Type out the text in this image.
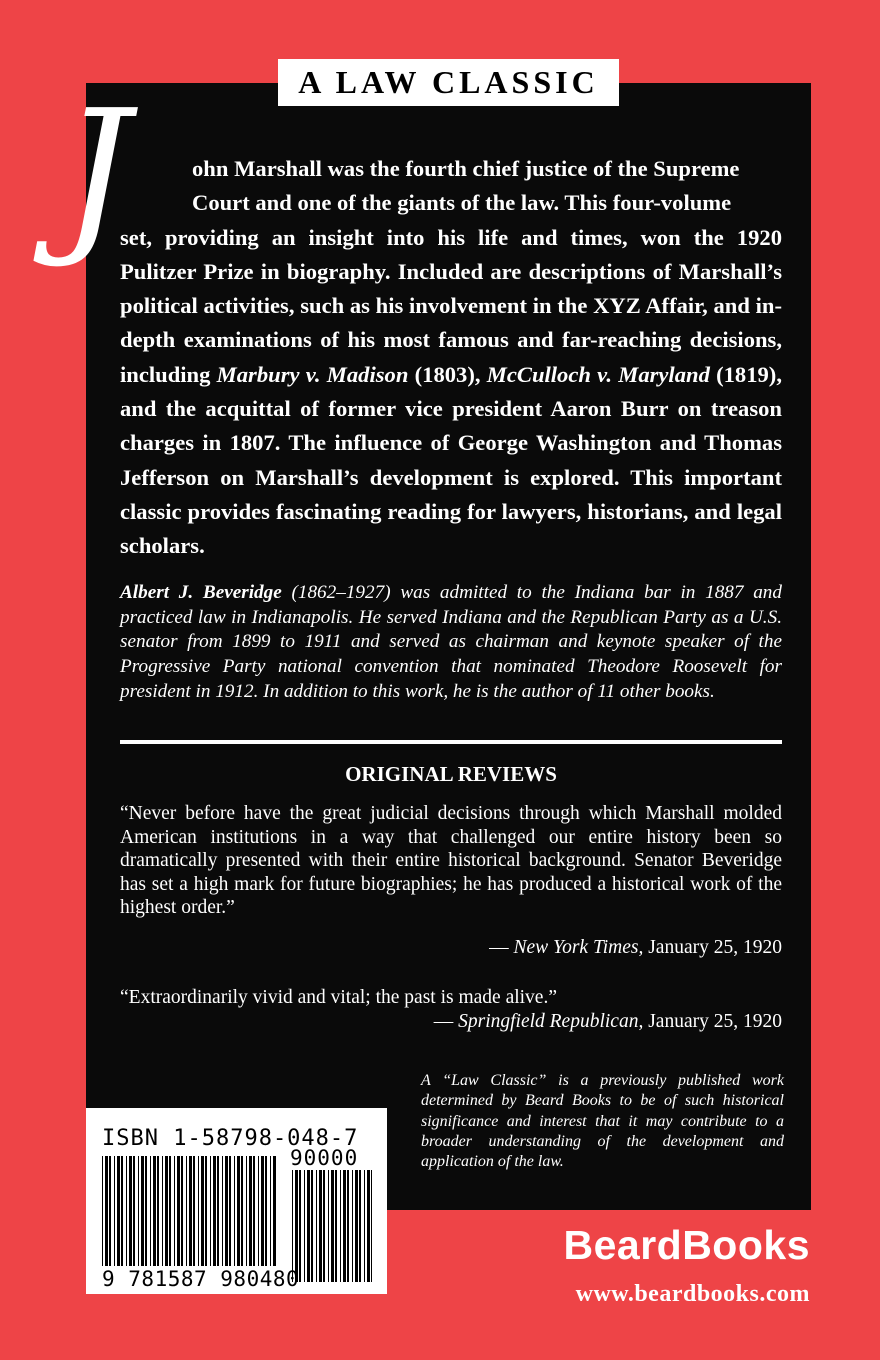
A LAW CLASSIC
J	ohn Marshall was the fourth chief justice of the Supreme
Court and one of the giants of the law. This four-volume
set, providing an insight into his life and times, won the 1920 Pulitzer Prize in biography. Included are descriptions of Marshall’s political activities, such as his involvement in the XYZ Affair, and in-depth examinations of his most famous and far-reaching decisions, including Marbury v. Madison (1803), McCulloch v. Maryland (1819), and the acquittal of former vice president Aaron Burr on treason charges in 1807. The influence of George Washington and Thomas Jefferson on Marshall’s development is explored. This important classic provides fascinating reading for lawyers, historians, and legal scholars.
Albert J. Beveridge (1862–1927) was admitted to the Indiana bar in 1887 and practiced law in Indianapolis. He served Indiana and the Republican Party as a U.S. senator from 1899 to 1911 and served as chairman and keynote speaker of the Progressive Party national convention that nominated Theodore Roosevelt for president in 1912. In addition to this work, he is the author of 11 other books.
ORIGINAL REVIEWS
“Never before have the great judicial decisions through which Marshall molded American institutions in a way that challenged our entire history been so dramatically presented with their entire historical background. Senator Beveridge has set a high mark for future biographies; he has produced a historical work of the highest order.”
— New York Times, January 25, 1920
“Extraordinarily vivid and vital; the past is made alive.”
— Springfield Republican, January 25, 1920
A “Law Classic” is a previously published work determined by Beard Books to be of such historical significance and interest that it may contribute to a broader understanding of the development and application of the law.
ISBN 1-58798-048-7
90000
9 781587 980480
BeardBooks
www.beardbooks.com
